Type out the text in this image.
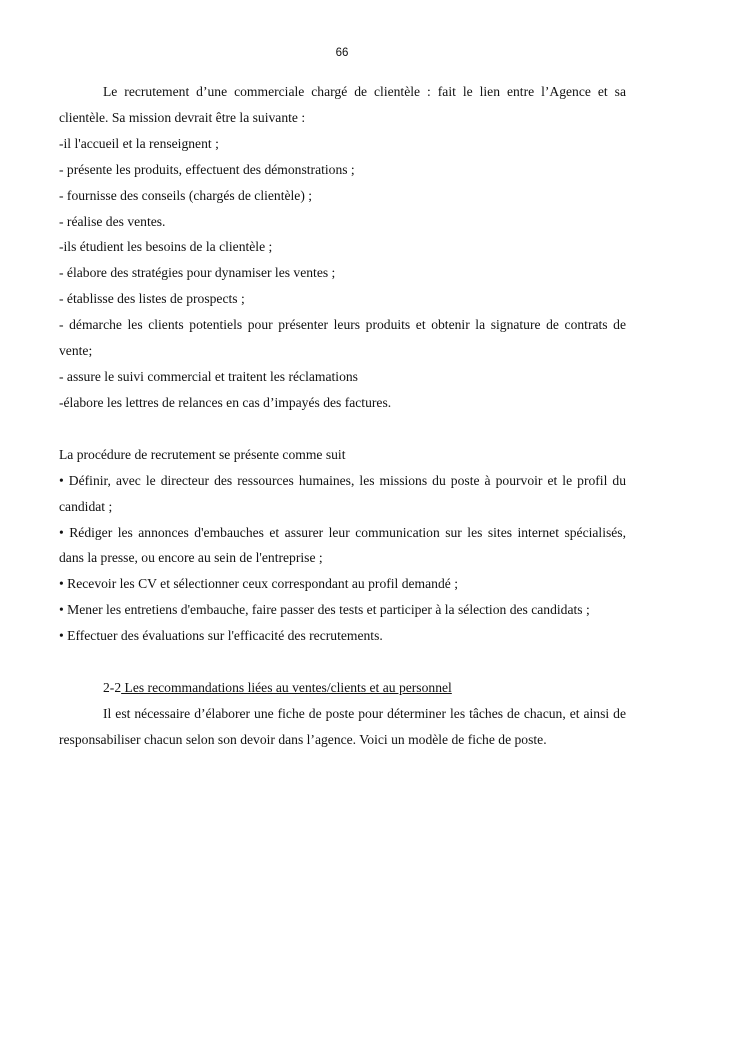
66

Le recrutement d’une commerciale chargé de clientèle : fait le lien entre l’Agence et sa clientèle. Sa mission devrait être la suivante :

-il l'accueil et la renseignent ;

- présente les produits, effectuent des démonstrations ;

- fournisse des conseils (chargés de clientèle) ;

- réalise des ventes.

-ils étudient les besoins de la clientèle ;

- élabore des stratégies pour dynamiser les ventes ;

- établisse des listes de prospects ;

- démarche les clients potentiels pour présenter leurs produits et obtenir la signature de contrats de vente;

- assure le suivi commercial et traitent les réclamations

-élabore les lettres de relances en cas d’impayés des factures.

La procédure de recrutement se présente comme suit

• Définir, avec le directeur des ressources humaines, les missions du poste à pourvoir et le profil du candidat ;

• Rédiger les annonces d'embauches et assurer leur communication sur les sites internet spécialisés, dans la presse, ou encore au sein de l'entreprise ;

• Recevoir les CV et sélectionner ceux correspondant au profil demandé ;

• Mener les entretiens d'embauche, faire passer des tests et participer à la sélection des candidats ;

• Effectuer des évaluations sur l'efficacité des recrutements.

2-2 Les recommandations liées au ventes/clients et au personnel

Il est nécessaire d’élaborer une fiche de poste pour déterminer les tâches de chacun, et ainsi de responsabiliser chacun selon son devoir dans l’agence. Voici un modèle de fiche de poste.
